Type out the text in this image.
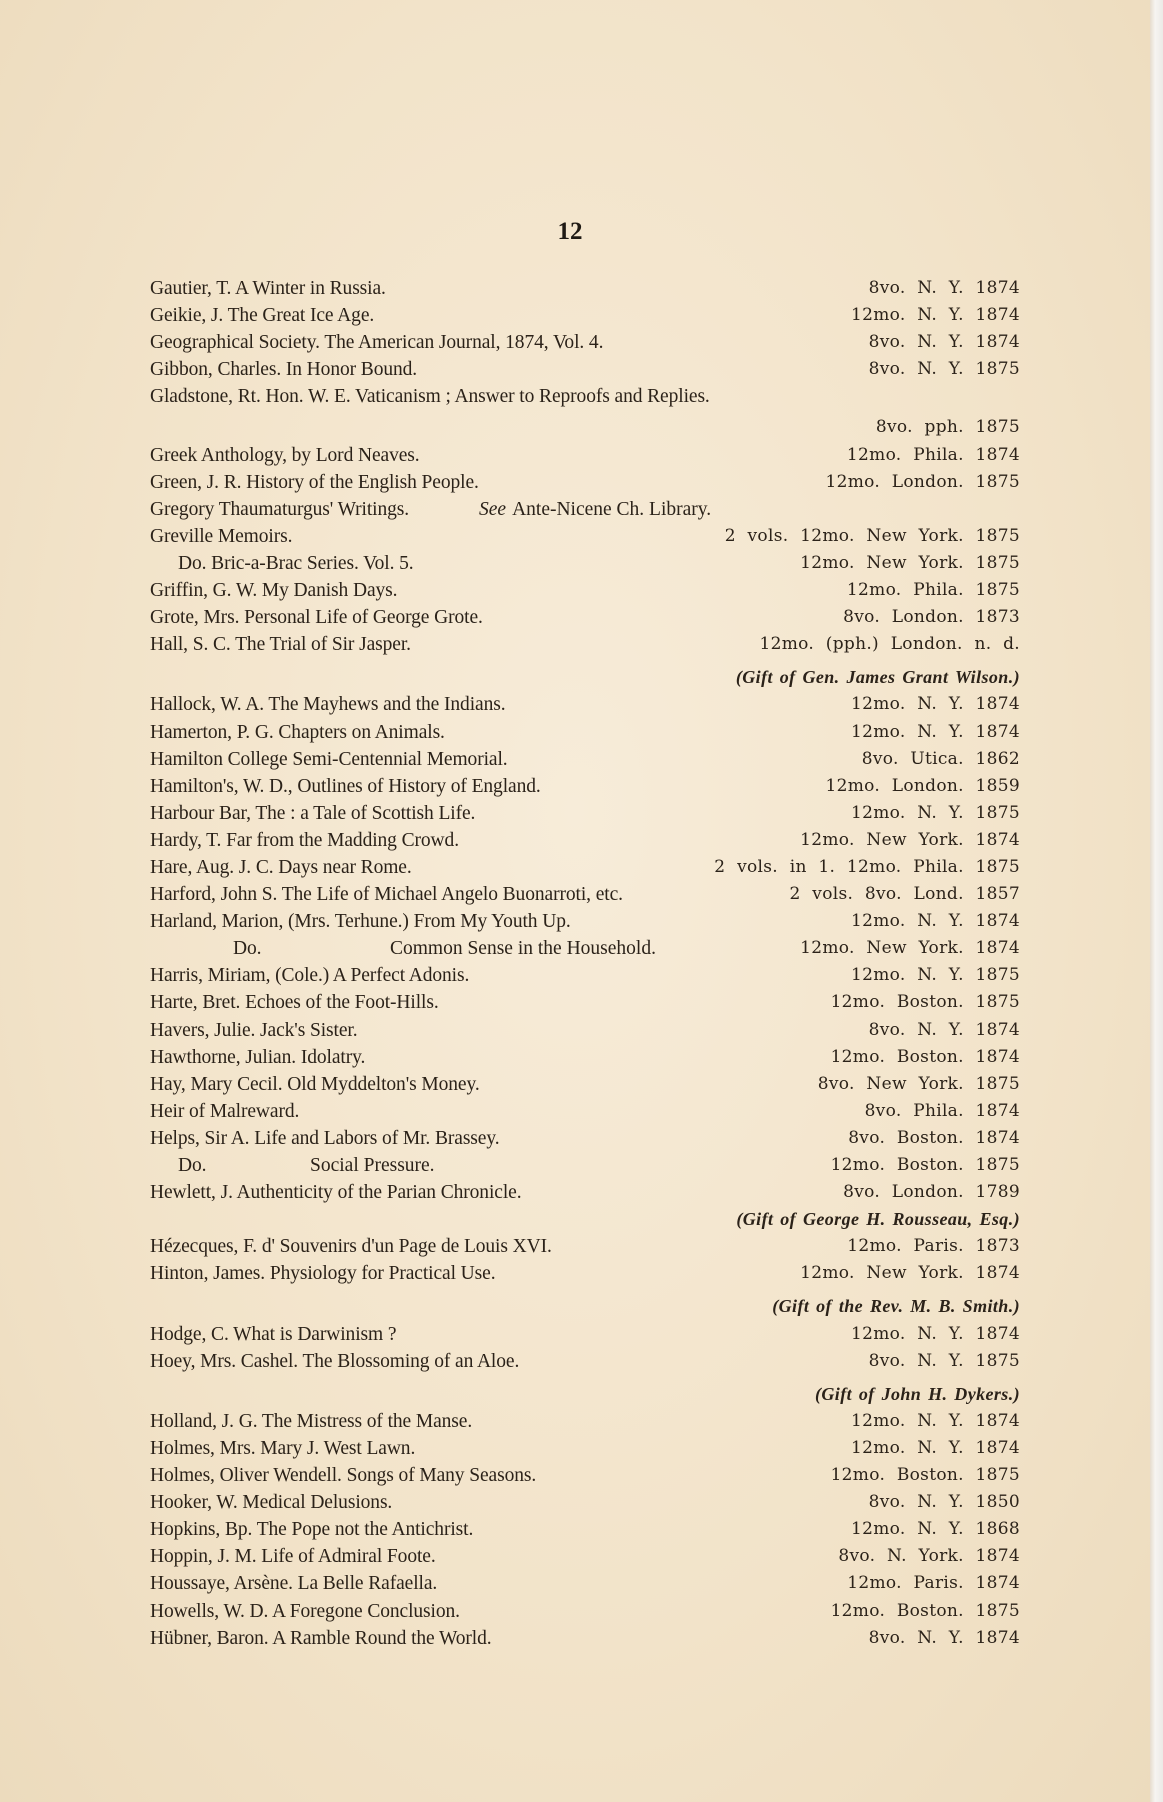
12
Gautier, T. A Winter in Russia.	8vo. N. Y. 1874
Geikie, J. The Great Ice Age.	12mo. N. Y. 1874
Geographical Society. The American Journal, 1874, Vol. 4.	8vo. N. Y. 1874
Gibbon, Charles. In Honor Bound.	8vo. N. Y. 1875
Gladstone, Rt. Hon. W. E. Vaticanism ; Answer to Reproofs and Replies.
8vo. pph. 1875
Greek Anthology, by Lord Neaves.	12mo. Phila. 1874
Green, J. R. History of the English People.	12mo. London. 1875
Gregory Thaumaturgus' Writings.	See Ante-Nicene Ch. Library.
Greville Memoirs.	2 vols. 12mo. New York. 1875
Do. Bric-a-Brac Series. Vol. 5.	12mo. New York. 1875
Griffin, G. W. My Danish Days.	12mo. Phila. 1875
Grote, Mrs. Personal Life of George Grote.	8vo. London. 1873
Hall, S. C. The Trial of Sir Jasper.	12mo. (pph.) London. n. d.
(Gift of Gen. James Grant Wilson.)
Hallock, W. A. The Mayhews and the Indians.	12mo. N. Y. 1874
Hamerton, P. G. Chapters on Animals.	12mo. N. Y. 1874
Hamilton College Semi-Centennial Memorial.	8vo. Utica. 1862
Hamilton's, W. D., Outlines of History of England.	12mo. London. 1859
Harbour Bar, The : a Tale of Scottish Life.	12mo. N. Y. 1875
Hardy, T. Far from the Madding Crowd.	12mo. New York. 1874
Hare, Aug. J. C. Days near Rome.	2 vols. in 1. 12mo. Phila. 1875
Harford, John S. The Life of Michael Angelo Buonarroti, etc.	2 vols. 8vo. Lond. 1857
Harland, Marion, (Mrs. Terhune.) From My Youth Up.	12mo. N. Y. 1874
Do.	Common Sense in the Household.	12mo. New York. 1874
Harris, Miriam, (Cole.) A Perfect Adonis.	12mo. N. Y. 1875
Harte, Bret. Echoes of the Foot-Hills.	12mo. Boston. 1875
Havers, Julie. Jack's Sister.	8vo. N. Y. 1874
Hawthorne, Julian. Idolatry.	12mo. Boston. 1874
Hay, Mary Cecil. Old Myddelton's Money.	8vo. New York. 1875
Heir of Malreward.	8vo. Phila. 1874
Helps, Sir A. Life and Labors of Mr. Brassey.	8vo. Boston. 1874
Do.	Social Pressure.	12mo. Boston. 1875
Hewlett, J. Authenticity of the Parian Chronicle.	8vo. London. 1789
(Gift of George H. Rousseau, Esq.)
Hézecques, F. d' Souvenirs d'un Page de Louis XVI.	12mo. Paris. 1873
Hinton, James. Physiology for Practical Use.	12mo. New York. 1874
(Gift of the Rev. M. B. Smith.)
Hodge, C. What is Darwinism ?	12mo. N. Y. 1874
Hoey, Mrs. Cashel. The Blossoming of an Aloe.	8vo. N. Y. 1875
(Gift of John H. Dykers.)
Holland, J. G. The Mistress of the Manse.	12mo. N. Y. 1874
Holmes, Mrs. Mary J. West Lawn.	12mo. N. Y. 1874
Holmes, Oliver Wendell. Songs of Many Seasons.	12mo. Boston. 1875
Hooker, W. Medical Delusions.	8vo. N. Y. 1850
Hopkins, Bp. The Pope not the Antichrist.	12mo. N. Y. 1868
Hoppin, J. M. Life of Admiral Foote.	8vo. N. York. 1874
Houssaye, Arsène. La Belle Rafaella.	12mo. Paris. 1874
Howells, W. D. A Foregone Conclusion.	12mo. Boston. 1875
Hübner, Baron. A Ramble Round the World.	8vo. N. Y. 1874
